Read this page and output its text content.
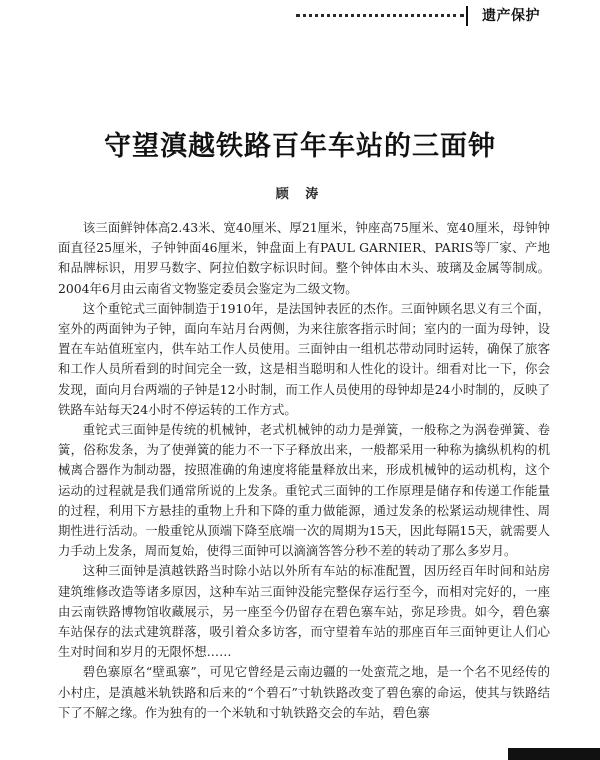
遗产保护
守望滇越铁路百年车站的三面钟
顾 涛

该三面鲜钟体高2.43米、宽40厘米、厚21厘米，钟座高75厘米、宽40厘米，母钟钟面直径25厘米，子钟钟面46厘米，钟盘面上有PAUL GARNIER、PARIS等厂家、产地和品牌标识，用罗马数字、阿拉伯数字标识时间。整个钟体由木头、玻璃及金属等制成。2004年6月由云南省文物鉴定委员会鉴定为二级文物。

这个重铊式三面钟制造于1910年，是法国钟表匠的杰作。三面钟顾名思义有三个面，室外的两面钟为子钟，面向车站月台两侧，为来往旅客指示时间；室内的一面为母钟，设置在车站值班室内，供车站工作人员使用。三面钟由一组机芯带动同时运转，确保了旅客和工作人员所看到的时间完全一致，这是相当聪明和人性化的设计。细看对比一下，你会发现，面向月台两端的子钟是12小时制，而工作人员使用的母钟却是24小时制的，反映了铁路车站每天24小时不停运转的工作方式。

重铊式三面钟是传统的机械钟，老式机械钟的动力是弹簧，一般称之为涡卷弹簧、卷簧，俗称发条，为了使弹簧的能力不一下子释放出来，一般都采用一种称为擒纵机构的机械离合器作为制动器，按照准确的角速度将能量释放出来，形成机械钟的运动机构，这个运动的过程就是我们通常所说的上发条。重铊式三面钟的工作原理是储存和传递工作能量的过程，利用下方悬挂的重物上升和下降的重力做能源，通过发条的松紧运动规律性、周期性进行活动。一般重铊从顶端下降至底端一次的周期为15天，因此每隔15天，就需要人力手动上发条，周而复始，使得三面钟可以滴滴答答分秒不差的转动了那么多岁月。

这种三面钟是滇越铁路当时除小站以外所有车站的标准配置，因历经百年时间和站房建筑维修改造等诸多原因，这种车站三面钟没能完整保存运行至今，而相对完好的，一座由云南铁路博物馆收藏展示，另一座至今仍留存在碧色寨车站，弥足珍贵。如今，碧色寨车站保存的法式建筑群落，吸引着众多访客，而守望着车站的那座百年三面钟更让人们心生对时间和岁月的无限怀想……

碧色寨原名“壁虱寨”，可见它曾经是云南边疆的一处蛮荒之地，是一个名不见经传的小村庄，是滇越米轨铁路和后来的“个碧石”寸轨铁路改变了碧色寨的命运，使其与铁路结下了不解之缘。作为独有的一个米轨和寸轨铁路交会的车站，碧色寨
